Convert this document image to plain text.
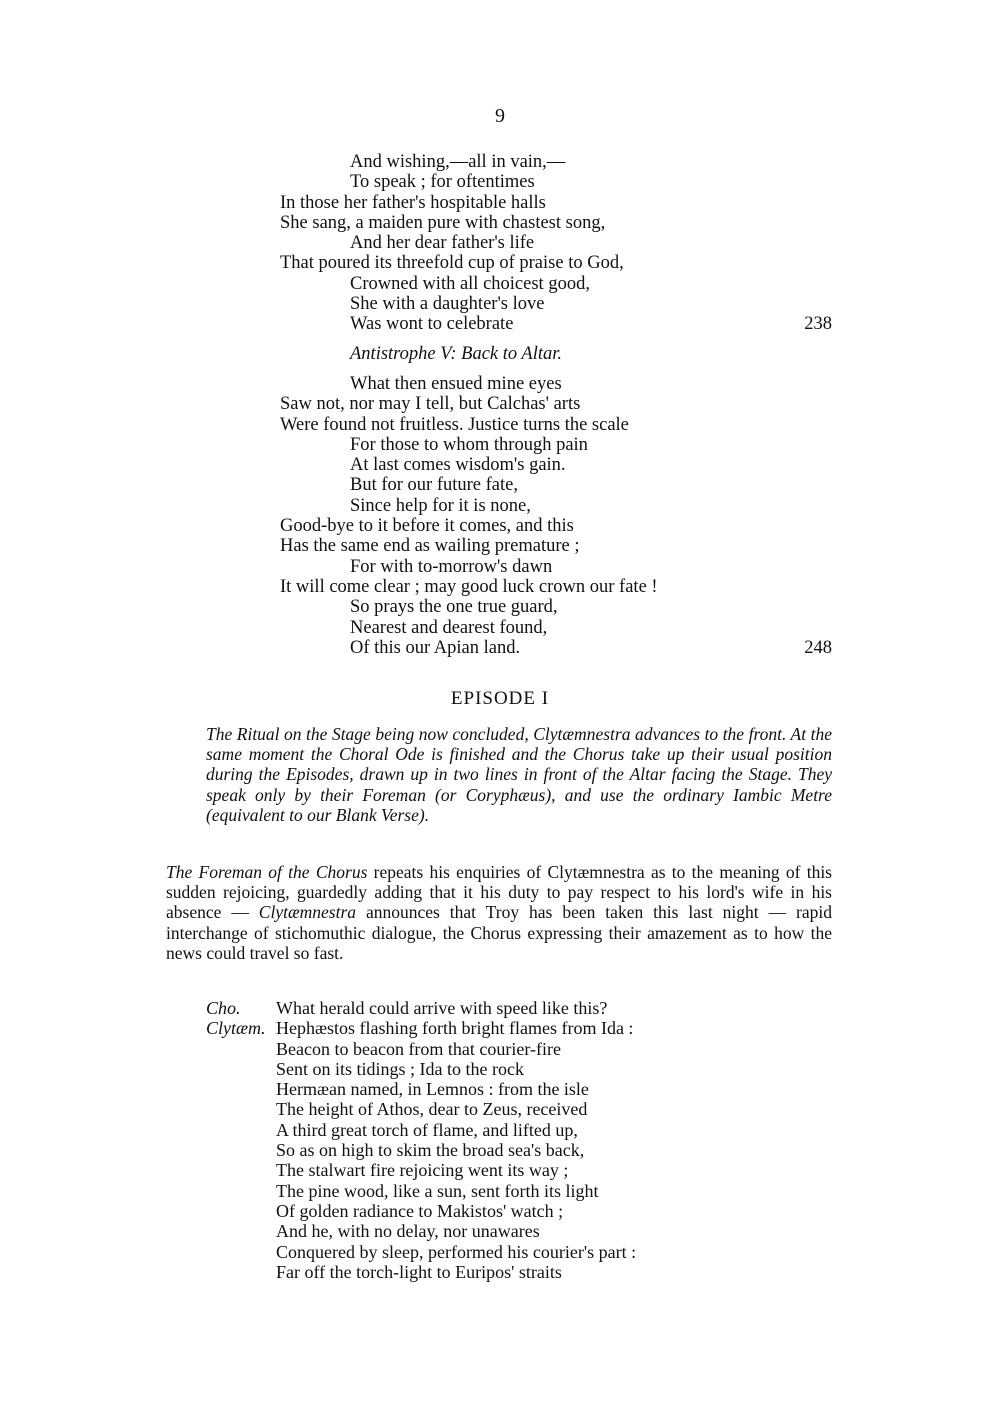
9
And wishing,—all in vain,—
To speak ; for oftentimes
In those her father's hospitable halls
She sang, a maiden pure with chastest song,
And her dear father's life
That poured its threefold cup of praise to God,
Crowned with all choicest good,
She with a daughter's love
Was wont to celebrate	238
Antistrophe V: Back to Altar.
What then ensued mine eyes
Saw not, nor may I tell, but Calchas' arts
Were found not fruitless. Justice turns the scale
For those to whom through pain
At last comes wisdom's gain.
But for our future fate,
Since help for it is none,
Good-bye to it before it comes, and this
Has the same end as wailing premature ;
For with to-morrow's dawn
It will come clear ; may good luck crown our fate !
So prays the one true guard,
Nearest and dearest found,
Of this our Apian land.	248
EPISODE I
The Ritual on the Stage being now concluded, Clytæmnestra advances to the front. At the same moment the Choral Ode is finished and the Chorus take up their usual position during the Episodes, drawn up in two lines in front of the Altar facing the Stage. They speak only by their Foreman (or Coryphæus), and use the ordinary Iambic Metre (equivalent to our Blank Verse).
The Foreman of the Chorus repeats his enquiries of Clytæmnestra as to the meaning of this sudden rejoicing, guardedly adding that it his duty to pay respect to his lord's wife in his absence — Clytæmnestra announces that Troy has been taken this last night — rapid interchange of stichomuthic dialogue, the Chorus expressing their amazement as to how the news could travel so fast.
Cho.	What herald could arrive with speed like this?
Clytæm. Hephæstos flashing forth bright flames from Ida :
Beacon to beacon from that courier-fire
Sent on its tidings ; Ida to the rock
Hermæan named, in Lemnos : from the isle
The height of Athos, dear to Zeus, received
A third great torch of flame, and lifted up,
So as on high to skim the broad sea's back,
The stalwart fire rejoicing went its way ;
The pine wood, like a sun, sent forth its light
Of golden radiance to Makistos' watch ;
And he, with no delay, nor unawares
Conquered by sleep, performed his courier's part :
Far off the torch-light to Euripos' straits
